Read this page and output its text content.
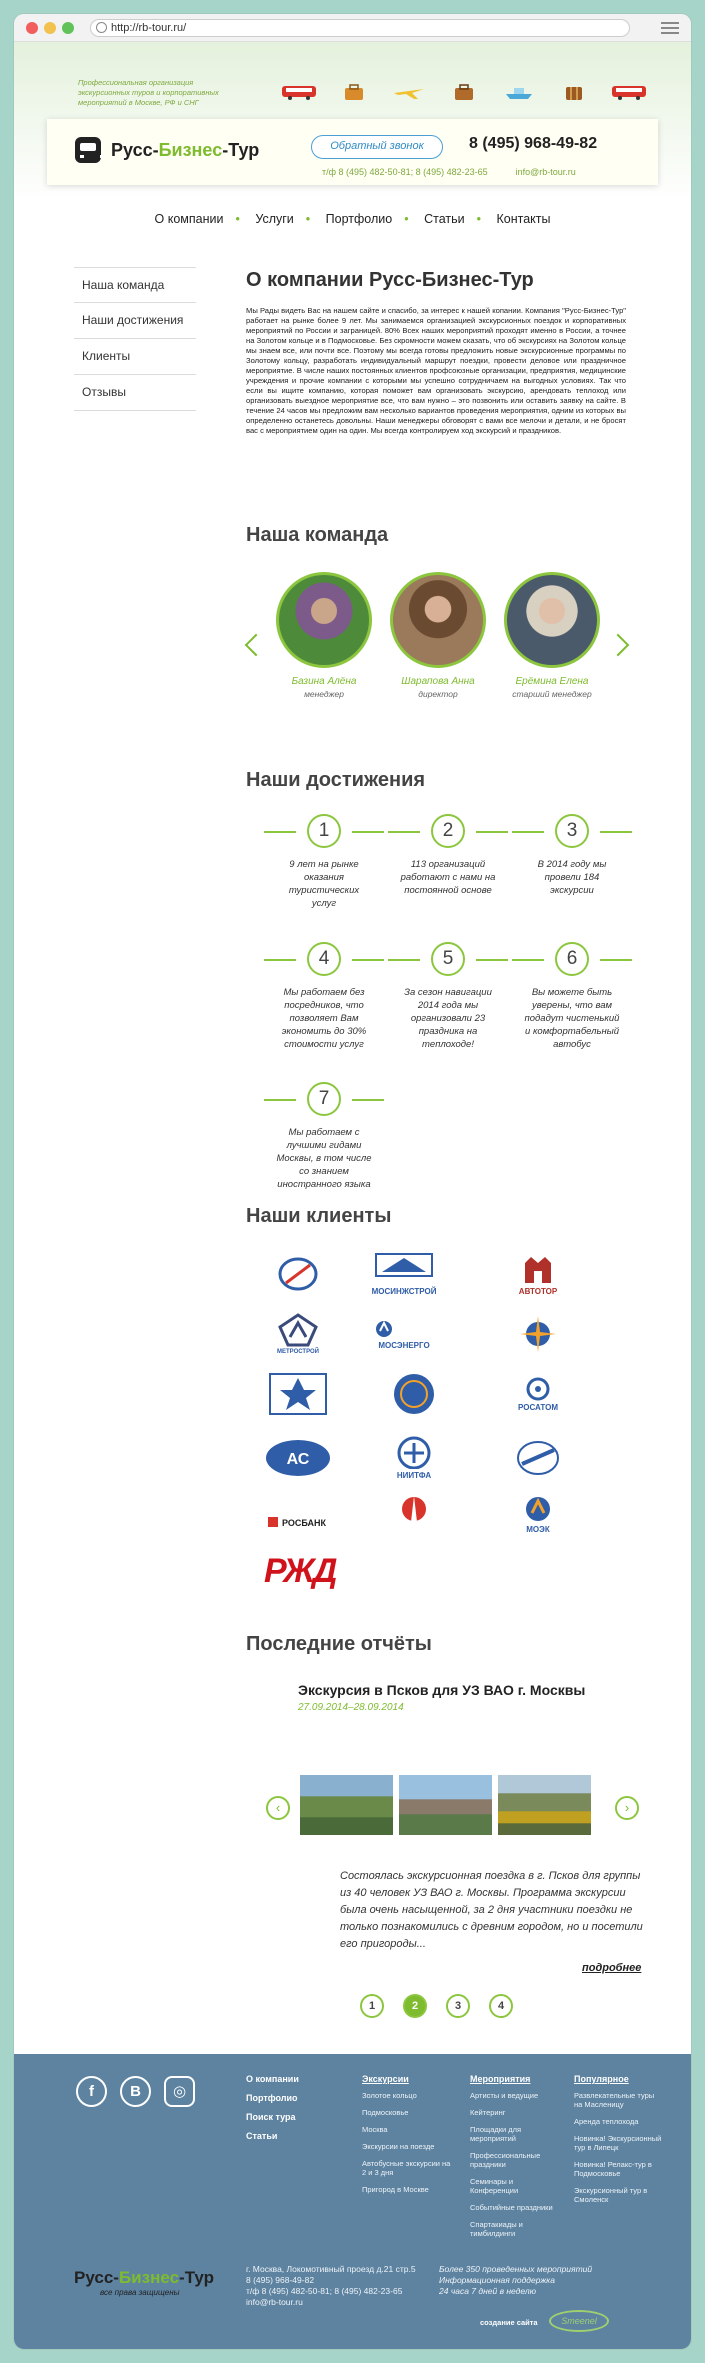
http://rb-tour.ru/
Профессиональная организация экскурсионных туров и корпоративных мероприятий в Москве, РФ и СНГ
Русс-Бизнес-Тур	Обратный звонок	8 (495) 968-49-82
т/ф 8 (495) 482-50-81; 8 (495) 482-23-65	info@rb-tour.ru
О компании • Услуги • Портфолио • Статьи • Контакты
Наша команда
Наши достижения
Клиенты
Отзывы
О компании Русс-Бизнес-Тур

Мы Рады видеть Вас на нашем сайте и спасибо, за интерес к нашей копании. Компания "Русс-Бизнес-Тур" работает на рынке более 9 лет. Мы занимаемся организацией экскурсионных поездок и корпоративных мероприятий по России и заграницей. 80% Всех наших мероприятий проходят именно в России, а точнее на Золотом кольце и в Подмосковье. Без скромности можем сказать, что об экскурсиях на Золотом кольце мы знаем все, или почти все. Поэтому мы всегда готовы предложить новые экскурсионные программы по Золотому кольцу, разработать индивидуальный маршрут поездки, провести деловое или праздничное мероприятие. В числе наших постоянных клиентов профсоюзные организации, предприятия, медицинские учреждения и прочие компании с которыми мы успешно сотрудничаем на выгодных условиях. Так что если вы ищите компанию, которая поможет вам организовать экскурсию, арендовать теплоход или организовать выездное мероприятие все, что вам нужно – это позвонить или оставить заявку на сайте. В течение 24 часов мы предложим вам несколько вариантов проведения мероприятия, одним из которых вы определенно останетесь довольны. Наши менеджеры обговорят с вами все мелочи и детали, и не бросят вас с мероприятием один на один. Мы всегда контролируем ход экскурсий и праздников.

Наша команда
Базина Алёна
менеджер
Шарапова Анна
директор
Ерёмина Елена
старший менеджер
Наши достижения
1
9 лет на рынке оказания туристических услуг
2
113 организаций работают с нами на постоянной основе
3
В 2014 году мы провели 184 экскурсии
4
Мы работаем без посредников, что позволяет Вам экономить до 30% стоимости услуг
5
За сезон навигации 2014 года мы организовали 23 праздника на теплоходе!
6
Вы можете быть уверены, что вам подадут чистенький и комфортабельный автобус
7
Мы работаем с лучшими гидами Москвы, в том числе со знанием иностранного языка
Наши клиенты
МОСИНЖСТРОЙ	АВТОТОР
МЕТРОСТРОЙ
МОСЭНЕРГО
РОСАТОМ
АС
НИИТФА
РОСБАНК
МОЭК
РЖД
Последние отчёты
Экскурсия в Псков для УЗ ВАО г. Москвы
27.09.2014–28.09.2014
‹	›
Состоялась экскурсионная поездка в г. Псков для группы из 40 человек УЗ ВАО г. Москвы. Программа экскурсии была очень насыщенной, за 2 дня участники поездки не только познакомились с древним городом, но и посетили его пригороды...
подробнее
1	2	3	4
f	B	◎
О компании
Портфолио
Поиск тура
Статьи
Экскурсии
Золотое кольцо
Подмосковье
Москва
Экскурсии на поезде
Автобусные экскурсии на 2 и 3 дня
Пригород в Москве
Мероприятия
Артисты и ведущие
Кейтеринг
Площадки для мероприятий
Профессиональные праздники
Семинары и Конференции
Событийные праздники
Спартакиады и тимбилдинги
Популярное
Развлекательные туры на Масленицу
Аренда теплохода
Новинка! Экскурсионный тур в Липецк
Новинка! Релакс-тур в Подмосковье
Экскурсионный тур в Смоленск
Русс-Бизнес-Тур
все права защищены
г. Москва, Локомотивный проезд д.21 стр.5
8 (495) 968-49-82
т/ф 8 (495) 482-50-81; 8 (495) 482-23-65
info@rb-tour.ru
Более 350 проведенных мероприятий
Информационная поддержка
24 часа 7 дней в неделю
создание сайта	Smeenel
